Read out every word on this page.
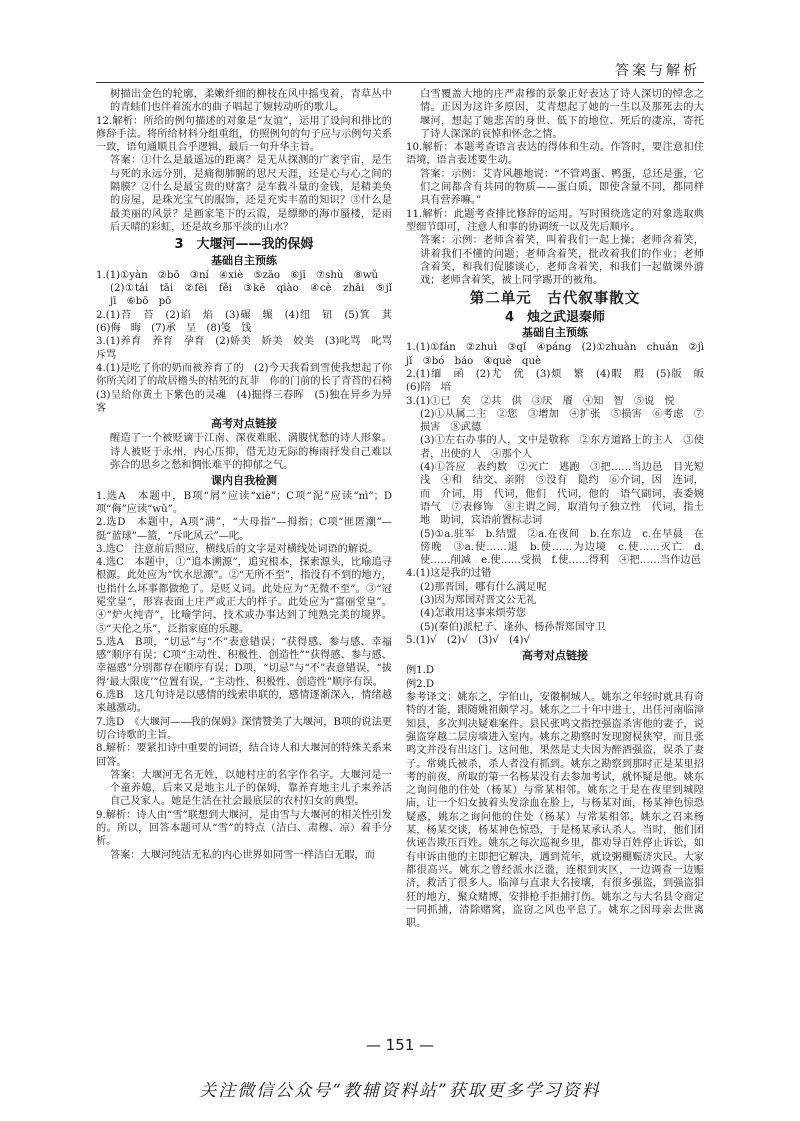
答案与解析

树描出金色的轮廓，柔嫩纤细的柳枝在风中摇曳着，青草丛中的青蛙们也伴着流水的曲子唱起了婉转动听的歌儿。

12.解析：所给的例句描述的对象是“友谊”，运用了设问和排比的修辞手法。将所给材料分组重组，仿照例句的句子应与示例句关系一致，语句通顺且合乎逻辑，最后一句升华主旨。

答案：①什么是最遥远的距离？是无从探测的广袤宇宙，是生与死的永远分别，是痛彻肺腑的思尺天涯，还是心与心之间的隔膜？②什么是最宝贵的财富？是车载斗量的金钱，是精美奂的房屋，是珠光宝气的服饰，还是充实丰盈的知识？③什么是最美丽的风景？是画家笔下的云霞，是缥缈的海市蜃楼，是雨后天晴的彩虹，还是故乡那平淡的山水？

3　大堰河——我的保姆
基础自主预练

1.(1)①yàn　②bō　③ní　④xiè　⑤zāo　⑥jī　⑦shù　⑧wǔ

(2)①tái　tāi　②fēi　fěi　③kē　qiào　④cè　zhāi　⑤jǐ　jī　⑥bō　pō

2.(1)苔　苔　(2)谄　焰　(3)碾　辗　(4)纽　钮　(5)箕　萁　(6)侮　晦　(7)承　呈　(8)笺　饯

3.(1)养育　养育　孕育　(2)娇美　娇美　姣美　(3)叱骂　叱骂　斥骂

4.(1)是吃了你的奶而被养育了的　(2)今天我看到雪使我想起了你　你所关闭了的故居檐头的枯死的瓦菲　你的门前的长了青苔的石椅　(3)呈给你黄土下紫色的灵魂　(4)掘得三春晖　(5)独在异乡为异客

高考对点链接

醒造了一个被贬谪于江南、深夜难眠、满腹忧愁的诗人形象。诗人被贬于永州，内心压抑，借无边无际的梅雨抒发自己难以弥合的思乡之愁和惆怅难平的抑郁之气。

课内自我检测

1.选A　本题中，B项“屑”应读“xiè”；C项“泥”应读“nì”；D项“侮”应读“wǔ”。

2.选D　本题中，A项“满”，“大母指”—拇指；C项“匪匿潮”—挺“蓝球”—篮，“斥叱风云”—叱。

3.选C　注意前后照应，横线后的文字是对横线处词语的解说。

4.选C　本题中，①“追本溯源”，追究根本，探索源头，比喻追寻根源。此处应为“饮水思源”。②“无所不至”，指没有不到的地方，也指什么坏事都做绝了。是贬义词。此处应为“无微不至”。③“冠冕堂皇”，形容表面上庄严或正大的样子。此处应为“富丽堂皇”。④“炉火纯青”，比喻学问、技术或办事达到了纯熟完美的境界。⑤“天伦之乐”，泛指家庭的乐趣。

5.选A　B项，“切忌”与“不”表意错误；“获得感、参与感、幸福感”顺序有误；C项“主动性、积极性、创造性”“获得感、参与感、幸福感”分别都存在顺序有误；D项，“切忌”与“不”表意错误，“拔得‘最大限度’”位置有误，“主动性、积极性、创造性”顺序有误。

6.选B　这几句诗是以感情的线索串联的，感情逐渐深入，情绪越来越激动。

7.选D　《大堰河——我的保姆》深情赞美了大堰河，B项的说法更切合诗歌的主旨。

8.解析：要紧扣诗中重要的词语，结合诗人和大堰河的特殊关系来回答。

答案：大堰河无名无姓，以她村庄的名字作名字。大堰河是一个童养媳，后来又是地主儿子的保姆，靠养育地主儿子来养活自己及家人。她是生活在社会最底层的农村妇女的典型。

9.解析：诗人由“雪”联想到大堰河，是由雪与大堰河的相关性引发的。所以，回答本题可从“雪”的特点（洁白、肃穆、凉）着手分析。

答案：大堰河纯洁无私的内心世界如同雪一样洁白无暇，而

白雪覆盖大地的庄严肃穆的景象正好表达了诗人深切的悼念之情。正因为这许多原因，艾青想起了她的一生以及那死去的大堰河，想起了她悲苦的身世、低下的地位、死后的凄凉，寄托了诗人深深的哀悼和怀念之情。

10.解析：本题考查语言表达的得体和生动。作答时，要注意扣住语境，语言表述要生动。

答案：示例：艾青风趣地说：“不管鸡蛋、鸭蛋，总还是蛋，它们之间都含有共同的物质——蛋白质，即使含量不同，都同样具有营养嘛。”

11.解析：此题考查排比修辞的运用。写时围绕选定的对象选取典型细节即可，注意人和事的协调统一以及先后顺序。

答案：示例：老师含着笑，叫着我们一起上操；老师含着笑，讲着我们不懂的问题；老师含着笑，批改着我们的作业；老师含着笑，和我们促膝谈心，老师含着笑，和我们一起做课外游戏；老师含着笑，被上同学踢开的被角。

第二单元　古代叙事散文
4　烛之武退秦师
基础自主预练

1.(1)①fán　②zhuì　③qǐ　④páng　(2)①zhuàn　chuán　②jì　jǐ　③bó　báo　④què　què

2.(1)缅　函　(2)尤　优　(3)烦　繁　(4)暇　瑕　(5)版　皈　(6)陪　培

3.(1)①已　矣　②共　供　③厌　餍　④知　智　⑤说　悦

(2)①从属二主　②您　③增加　④扩张　⑤损害　⑥考虑　⑦损害　⑧武德

(3)①左右办事的人，文中是敬称　②东方道路上的主人　③使者，出使的人　④那个人

(4)①答应　表约数　②灭亡　逃跑　③把……当边邑　目光短浅　④和　结交、亲附　⑤没有　隐约　⑥介词，因　连词，而　介词，用　代词，他们　代词，他的　语气副词，表委婉语气　⑦表修饰　⑧主谓之间，取消句子独立性　代词，指土地　助词，宾语前置标志词

(5)①a.驻军　b.结盟　②a.在夜间　b.在东边　c.在早晨　在傍晚　③a.使……退　b.使……为边境　c.使……灭亡　d.使……削减　e.使……受损　f.使……得利　④把……当作边邑

4.(1)这是我的过错

(2)那晋国，哪有什么满足呢

(3)因为郑国对晋文公无礼

(4)怎敢用这事来烦劳您

(5)(秦伯)派杞子、逢孙、杨孙帮郑国守卫

5.(1)√　(2)√　(3)√　(4)√

高考对点链接

例1.D

例2.D

参考译文：姚东之，字伯山，安徽桐城人。姚东之年轻时就具有奇特的才能，跟随姚祖颇学习。姚东之二十年中进士，出任河南临漳知县，多次判决疑难案件。县民张鸣文指控强盗杀害他的妻子，说强盗穿越二层房墙进入室内。姚东之勘察时发现窗棂狭窄，而且张鸣文并没有出这门。这问他，果然是丈夫因为醉酒强盗，误杀了妻子。常姚氏被杀，杀人者没有抓到。姚东之勘察到那时正是某里招考的前夜，所取的第一名杨某没有去参加考试，就怀疑是他。姚东之询问他的住处（杨某）与常某相邻。姚东之于是在夜里到城隍庙，让一个妇女披着头发涂血在脸上，与杨某对面，杨某神色惊恐疑惑，姚东之询问他的住处（杨某）与常某相邻。姚东之召来杨某，杨某交谈，杨某神色惊恐，于是杨某承认杀人。当时，他们团伙诬告欺压百姓。姚东之每次巡视乡里，都劝导百姓停止诉讼，如有申诉由他的主即把它解决，遇到荒年，就设粥棚赈济灾民。大家都很高兴。姚东之曾经派水泛滥，连根到灾区，一边调查一边赈济，救活了很多人。临漳与直隶大名接壤，有很多强盗，到强盗猖狂的地方，聚众赌博，安排枪手拒捕打伤。姚东之与大名县令商定一同抓捕，清除赌窝，盗窃之风也平息了。姚东之因母亲去世离职。

— 151 —
关注微信公众号“教辅资料站”获取更多学习资料
